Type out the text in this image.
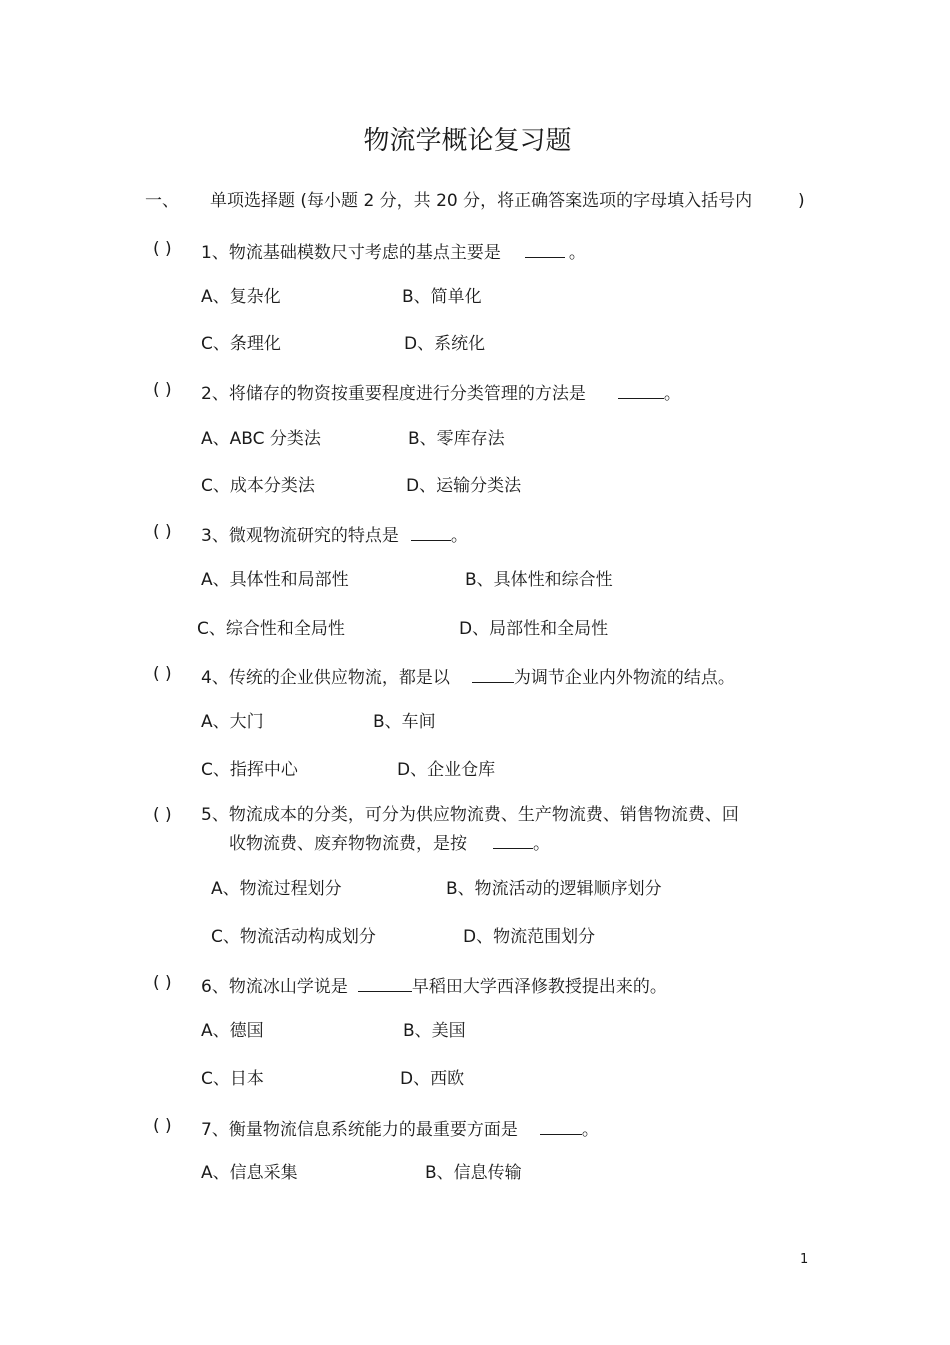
物流学概论复习题
一、 单项选择题 (每小题 2 分，共 20 分，将正确答案选项的字母填入括号内	)
( ) 1、物流基础模数尺寸考虑的基点主要是	。
A、复杂化	B、简单化
C、条理化	D、系统化
( ) 2、将储存的物资按重要程度进行分类管理的方法是	。
A、ABC 分类法	B、零库存法
C、成本分类法	D、运输分类法
( ) 3、微观物流研究的特点是	。
A、具体性和局部性	B、具体性和综合性
C、综合性和全局性	D、局部性和全局性
( ) 4、传统的企业供应物流，都是以	为调节企业内外物流的结点。
A、大门	B、车间
C、指挥中心	D、企业仓库
( ) 5、物流成本的分类，可分为供应物流费、生产物流费、销售物流费、回
收物流费、废弃物物流费，是按	。
A、物流过程划分	B、物流活动的逻辑顺序划分
C、物流活动构成划分	D、物流范围划分
( ) 6、物流冰山学说是	早稻田大学西泽修教授提出来的。
A、德国	B、美国
C、日本	D、西欧
( ) 7、衡量物流信息系统能力的最重要方面是	。
A、信息采集	B、信息传输
1
